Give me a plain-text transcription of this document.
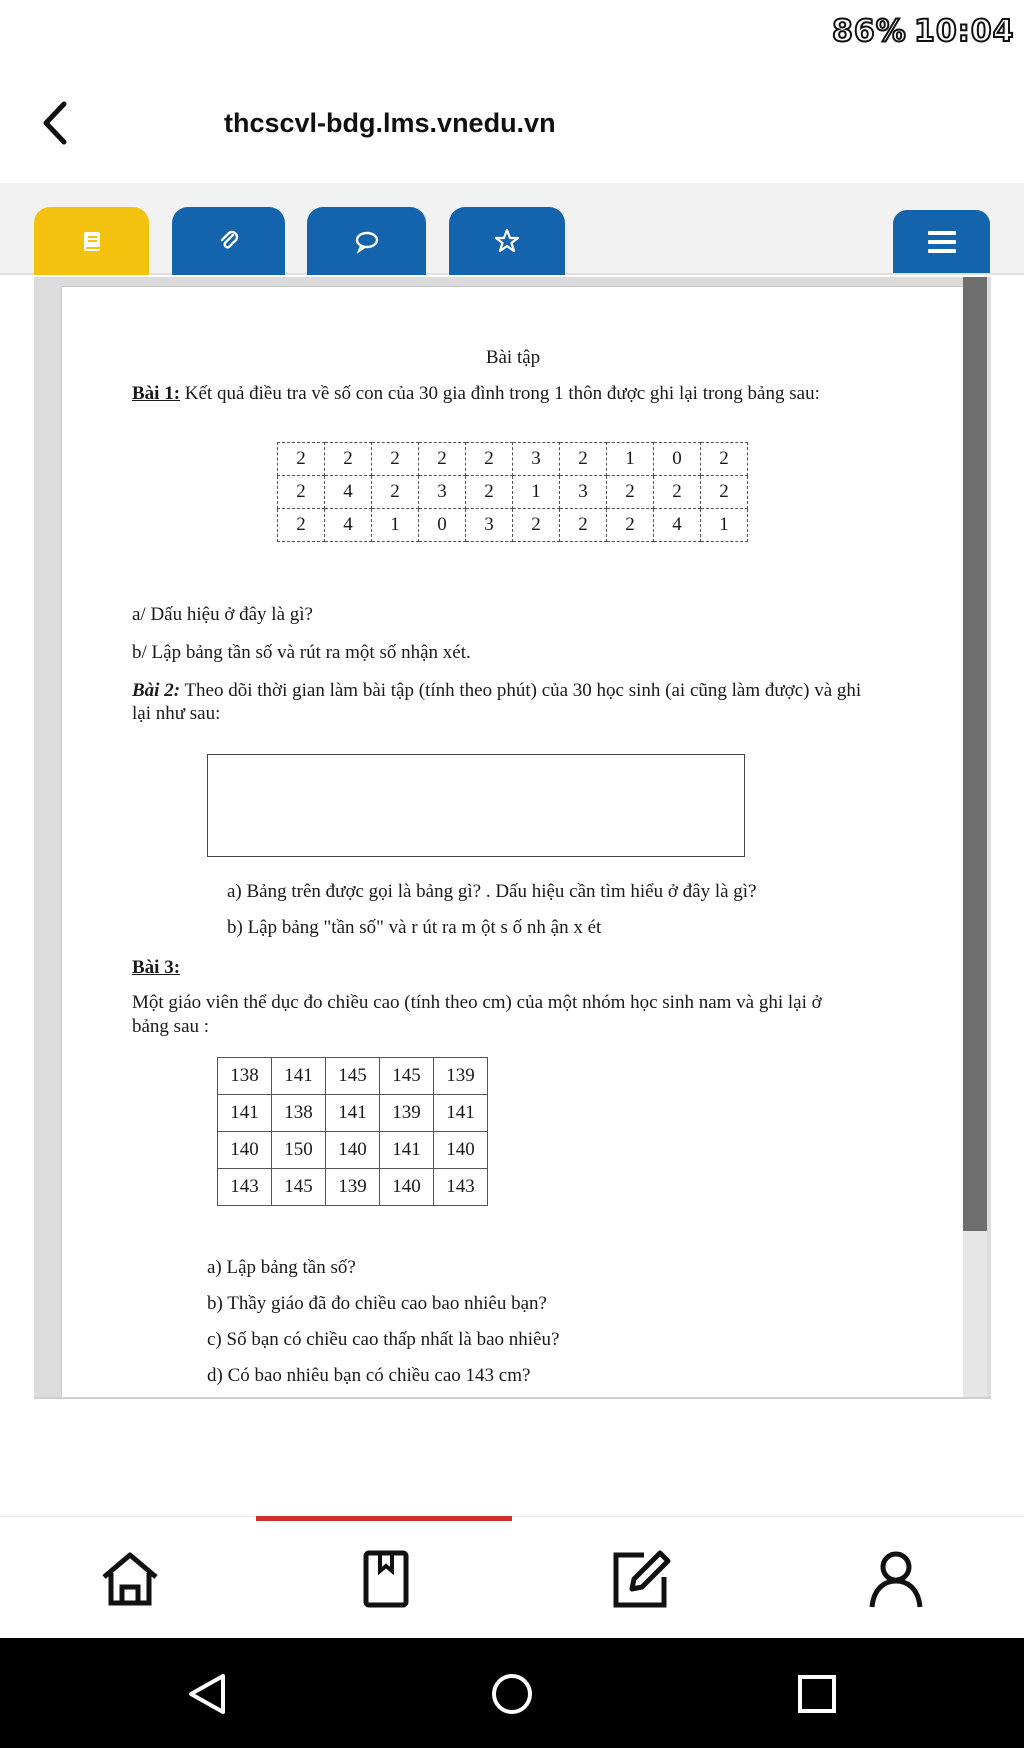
86% 10:04
thcscvl-bdg.lms.vnedu.vn

Bài tập

Bài 1: Kết quả điều tra về số con của 30 gia đình trong 1 thôn được ghi lại trong bảng sau:

2	2	2	2	2	3	2	1	0	2
2	4	2	3	2	1	3	2	2	2
2	4	1	0	3	2	2	2	4	1

a/ Dấu hiệu ở đây là gì?

b/ Lập bảng tần số và rút ra một số nhận xét.

Bài 2: Theo dõi thời gian làm bài tập (tính theo phút) của 30 học sinh (ai cũng làm được) và ghi

lại như sau:

a) Bảng trên được gọi là bảng gì? . Dấu hiệu cần tìm hiểu ở đây là gì?

b) Lập bảng "tần số" và r út ra m ột s ố nh ận x ét

Bài 3:

Một giáo viên thể dục đo chiều cao (tính theo cm) của một nhóm học sinh nam và ghi lại ở

bảng sau :

138	141	145	145	139
141	138	141	139	141
140	150	140	141	140
143	145	139	140	143

a) Lập bảng tần số?

b) Thầy giáo đã đo chiều cao bao nhiêu bạn?

c) Số bạn có chiều cao thấp nhất là bao nhiêu?

d) Có bao nhiêu bạn có chiều cao 143 cm?
